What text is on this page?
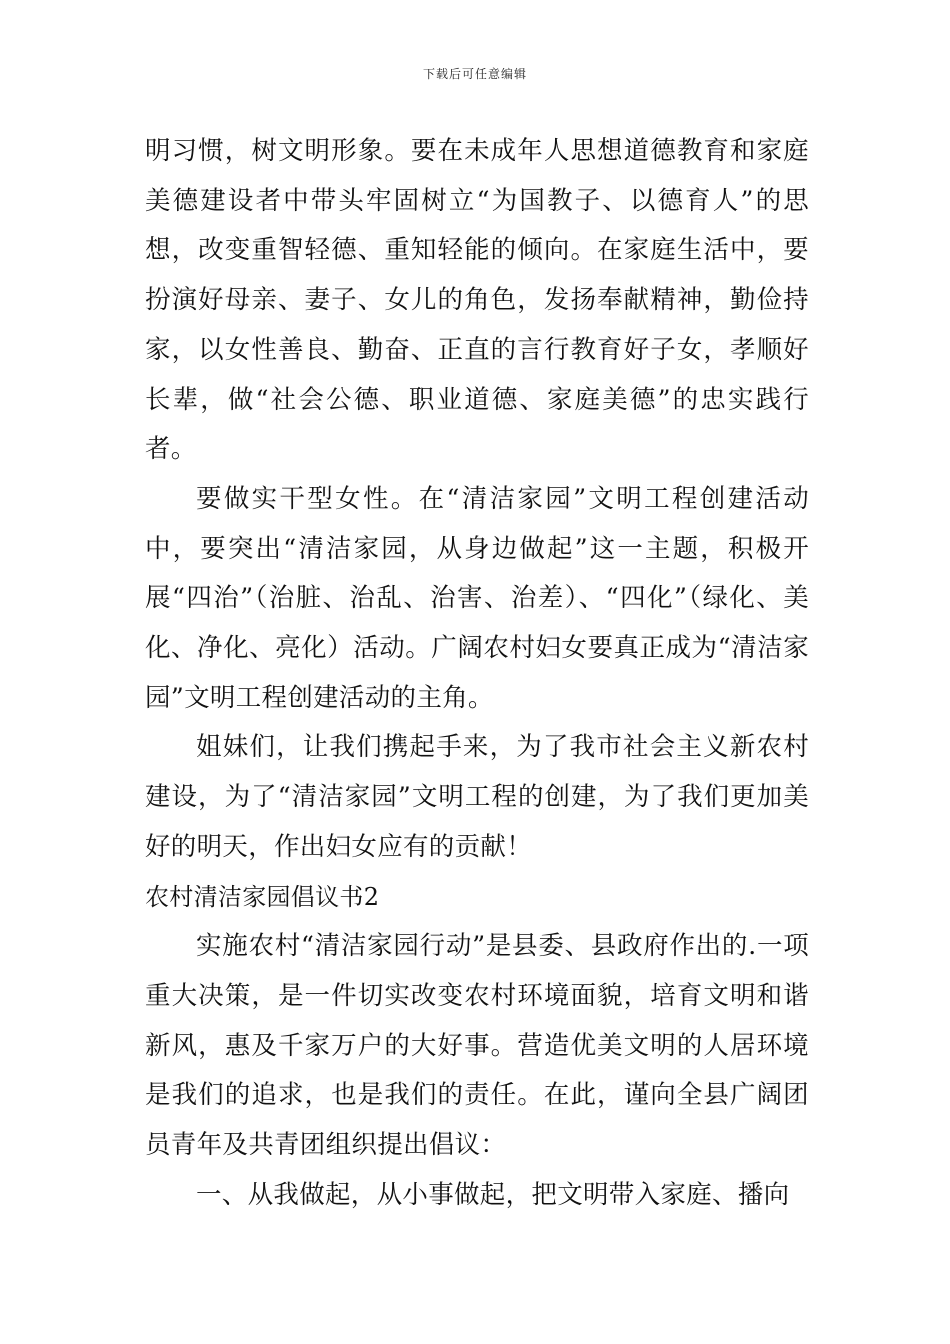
下载后可任意编辑

明习惯，树文明形象。要在未成年人思想道德教育和家庭美德建设者中带头牢固树立“为国教子、以德育人”的思想，改变重智轻德、重知轻能的倾向。在家庭生活中，要扮演好母亲、妻子、女儿的角色，发扬奉献精神，勤俭持家，以女性善良、勤奋、正直的言行教育好子女，孝顺好长辈，做“社会公德、职业道德、家庭美德”的忠实践行者。

要做实干型女性。在“清洁家园”文明工程创建活动中，要突出“清洁家园，从身边做起”这一主题，积极开展“四治”（治脏、治乱、治害、治差）、“四化”（绿化、美化、净化、亮化）活动。广阔农村妇女要真正成为“清洁家园”文明工程创建活动的主角。

姐妹们，让我们携起手来，为了我市社会主义新农村建设，为了“清洁家园”文明工程的创建，为了我们更加美好的明天，作出妇女应有的贡献！

农村清洁家园倡议书2

实施农村“清洁家园行动”是县委、县政府作出的.一项重大决策，是一件切实改变农村环境面貌，培育文明和谐新风，惠及千家万户的大好事。营造优美文明的人居环境是我们的追求，也是我们的责任。在此，谨向全县广阔团员青年及共青团组织提出倡议：

一、从我做起，从小事做起，把文明带入家庭、播向
